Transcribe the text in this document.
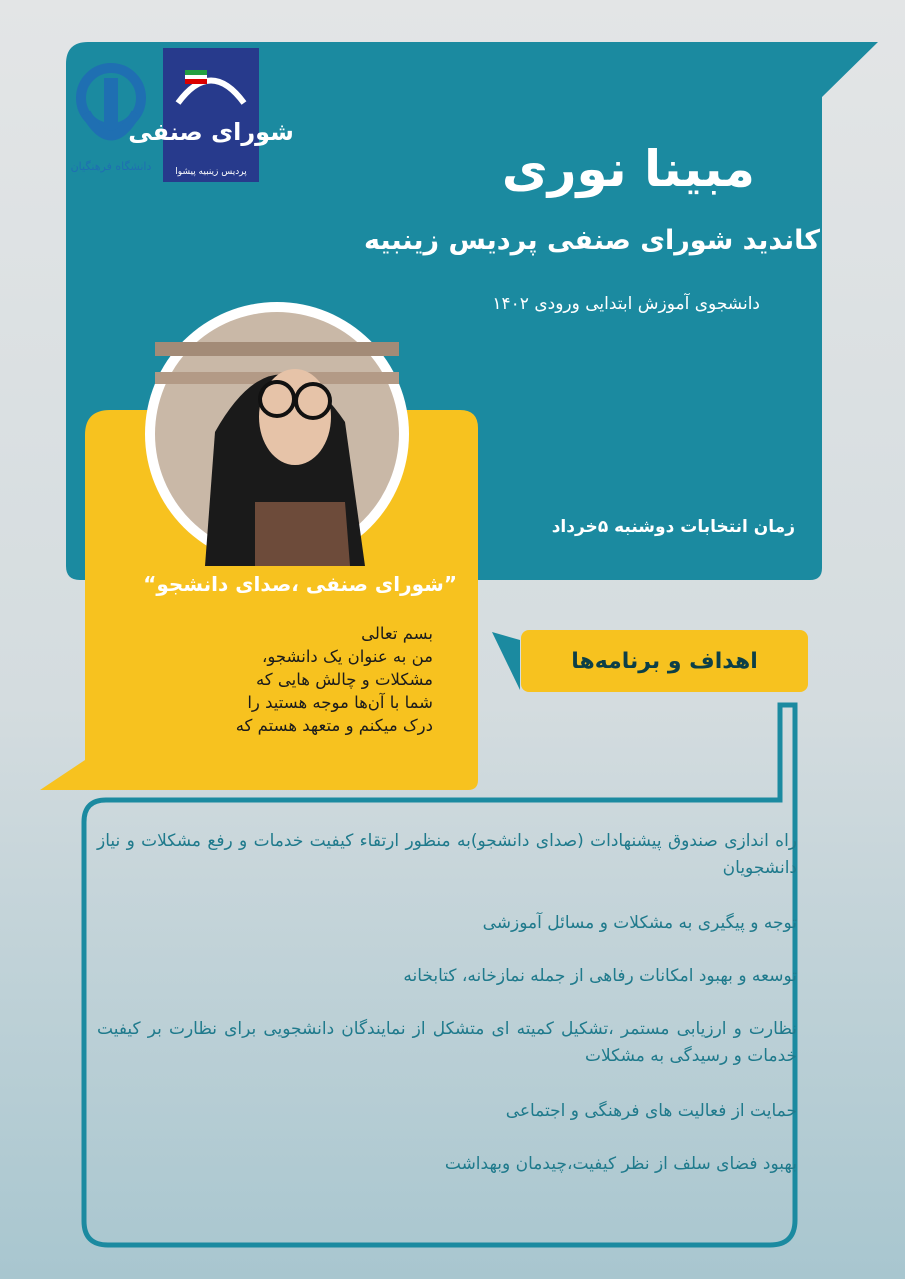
دانشگاه فرهنگیان
شورای صنفی
پردیس زینبیه پیشوا	مبینا نوری
کاندید شورای صنفی پردیس زینبیه
دانشجوی آموزش ابتدایی ورودی ۱۴۰۲
زمان انتخابات دوشنبه ۵خرداد
”شورای صنفی ،صدای دانشجو“
بسم تعالی
من به عنوان یک دانشجو،
مشکلات و چالش هایی که
شما با آن‌ها موجه هستید را
درک میکنم و متعهد هستم که
اهداف و برنامه‌ها
راه اندازی صندوق پیشنهادات (صدای دانشجو)به منظور ارتقاء کیفیت خدمات و رفع مشکلات و نیاز دانشجویان
توجه و پیگیری به مشکلات و مسائل آموزشی
توسعه و بهبود امکانات رفاهی از جمله نمازخانه، کتابخانه
نظارت و ارزیابی مستمر ،تشکیل کمیته ای متشکل از نمایندگان دانشجویی برای نظارت بر کیفیت خدمات و رسیدگی به مشکلات
حمایت از فعالیت های فرهنگی و اجتماعی
بهبود فضای سلف از نظر کیفیت،چیدمان وبهداشت
